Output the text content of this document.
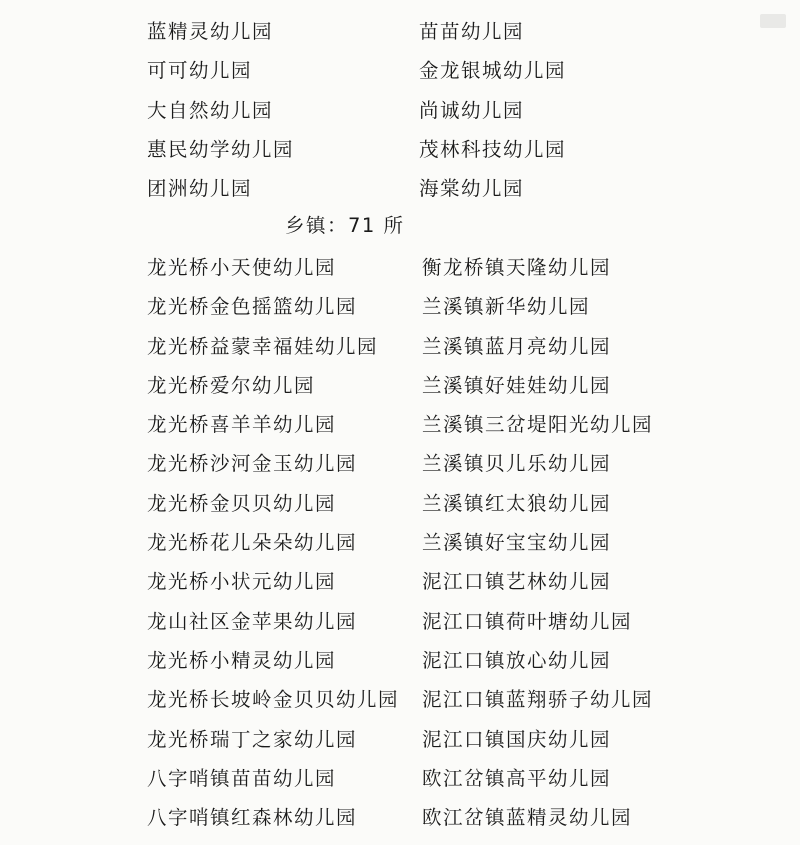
蓝精灵幼儿园
可可幼儿园
大自然幼儿园
惠民幼学幼儿园
团洲幼儿园
苗苗幼儿园
金龙银城幼儿园
尚诚幼儿园
茂林科技幼儿园
海棠幼儿园
乡镇：71 所
龙光桥小天使幼儿园
龙光桥金色摇篮幼儿园
龙光桥益蒙幸福娃幼儿园
龙光桥爱尔幼儿园
龙光桥喜羊羊幼儿园
龙光桥沙河金玉幼儿园
龙光桥金贝贝幼儿园
龙光桥花儿朵朵幼儿园
龙光桥小状元幼儿园
龙山社区金苹果幼儿园
龙光桥小精灵幼儿园
龙光桥长坡岭金贝贝幼儿园
龙光桥瑞丁之家幼儿园
八字哨镇苗苗幼儿园
八字哨镇红森林幼儿园
衡龙桥镇天隆幼儿园
兰溪镇新华幼儿园
兰溪镇蓝月亮幼儿园
兰溪镇好娃娃幼儿园
兰溪镇三岔堤阳光幼儿园
兰溪镇贝儿乐幼儿园
兰溪镇红太狼幼儿园
兰溪镇好宝宝幼儿园
泥江口镇艺林幼儿园
泥江口镇荷叶塘幼儿园
泥江口镇放心幼儿园
泥江口镇蓝翔骄子幼儿园
泥江口镇国庆幼儿园
欧江岔镇高平幼儿园
欧江岔镇蓝精灵幼儿园
